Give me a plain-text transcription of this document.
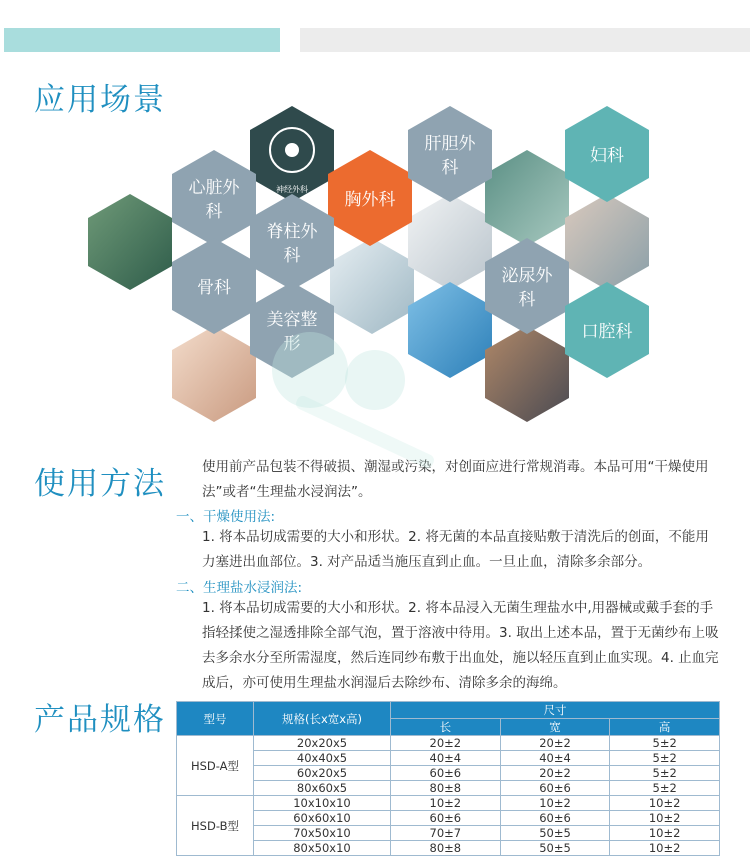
应用场景
神经外科
心脏外
科
胸外科
肝胆外
科
妇科
脊柱外
科
骨科
美容整
形
泌尿外
科
口腔科
使用方法	使用前产品包装不得破损、潮湿或污染，对创面应进行常规消毒。本品可用“干燥使用法”或者“生理盐水浸润法”。
一、干燥使用法:
1. 将本品切成需要的大小和形状。2. 将无菌的本品直接贴敷于清洗后的创面，不能用力塞进出血部位。3. 对产品适当施压直到止血。一旦止血，清除多余部分。
二、生理盐水浸润法:
1. 将本品切成需要的大小和形状。2. 将本品浸入无菌生理盐水中,用器械或戴手套的手指轻揉使之湿透排除全部气泡，置于溶液中待用。3. 取出上述本品，置于无菌纱布上吸去多余水分至所需湿度，然后连同纱布敷于出血处，施以轻压直到止血实现。4. 止血完成后，亦可使用生理盐水润湿后去除纱布、清除多余的海绵。
产品规格	型号	规格(长x宽x高)	尺寸		
		长	宽	高
HSD-A型	20x20x5	20±2	20±2	5±2
	40x40x5	40±4	40±4	5±2
	60x20x5	60±6	20±2	5±2
	80x60x5	80±8	60±6	5±2
HSD-B型	10x10x10	10±2	10±2	10±2
	60x60x10	60±6	60±6	10±2
	70x50x10	70±7	50±5	10±2
	80x50x10	80±8	50±5	10±2
